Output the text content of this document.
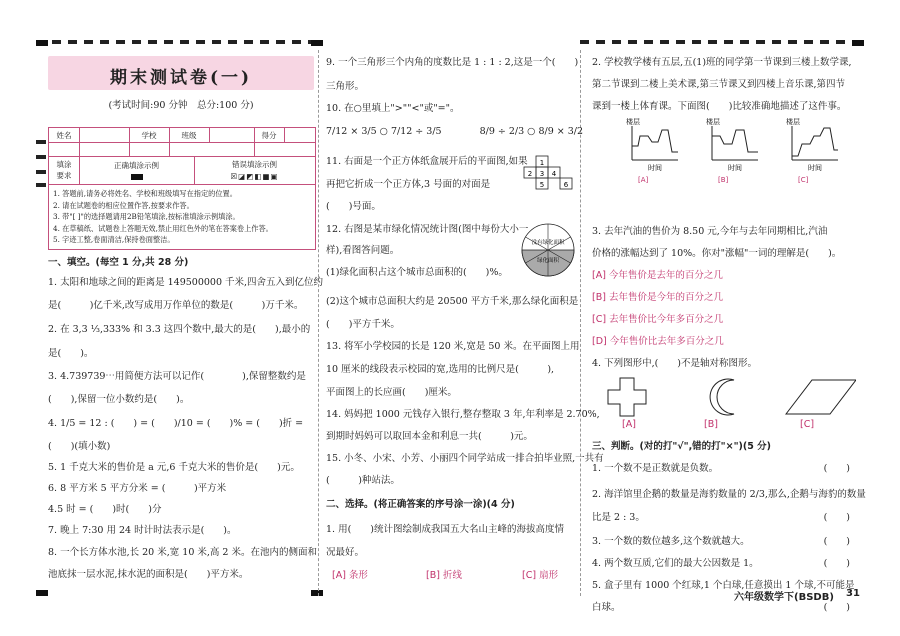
期末测试卷(一)
(考试时间:90 分钟　总分:100 分)
姓名	学校	班级	得分
填涂
要求
正确填涂示例	错误填涂示例
☒◪◩◧■▣
1. 答题前,请务必将姓名、学校和班级填写在指定的位置。
2. 请在试题卷的相应位置作答,按要求作答。
3. 带"[ ]"的选择题请用2B铅笔填涂,按标准填涂示例填涂。
4. 在草稿纸、试题卷上答题无效,禁止用红色外的笔在答案卷上作答。
5. 字迹工整,卷面清洁,保持卷面整洁。
一、填空。(每空 1 分,共 28 分)
1. 太阳和地球之间的距离是 149500000 千米,四舍五入到亿位约
是(　　　)亿千米,改写成用万作单位的数是(　　　)万千米。
2. 在 3,3 ⅓,333% 和 3.3 这四个数中,最大的是(　　),最小的
是(　　)。
3. 4.739739⋯用简便方法可以记作(　　　　),保留整数约是
(　　),保留一位小数约是(　　)。
4. 1/5 = 12 : (　　) = (　　)/10 = (　　)% = (　　)折 =
(　　)(填小数)
5. 1 千克大米的售价是 a 元,6 千克大米的售价是(　　)元。
6. 8 平方米 5 平方分米 = (　　　)平方米
4.5 时 = (　　)时(　　)分
7. 晚上 7:30 用 24 时计时法表示是(　　)。
8. 一个长方体水池,长 20 米,宽 10 米,高 2 米。在池内的侧面和
池底抹一层水泥,抹水泥的面积是(　　)平方米。
9. 一个三角形三个内角的度数比是 1 : 1 : 2,这是一个(　　)
三角形。
10. 在○里填上">""<"或"="。
7/12 × 3/5 ○ 7/12 ÷ 3/5　　　　8/9 ÷ 2/3 ○ 8/9 × 3/2
11. 右面是一个正方体纸盒展开后的平面图,如果
再把它折成一个正方体,3 号面的对面是
(　　)号面。
12. 右图是某市绿化情况统计图(图中每份大小一
样),看图答问题。
(1)绿化面积占这个城市总面积的(　　)%。
(2)这个城市总面积大约是 20500 平方千米,那么绿化面积是
(　　)平方千米。
13. 将军小学校园的长是 120 米,宽是 50 米。在平面图上用
10 厘米的线段表示校园的宽,选用的比例尺是(　　　),
平面图上的长应画(　　)厘米。
14. 妈妈把 1000 元钱存入银行,整存整取 3 年,年利率是 2.70%,
到期时妈妈可以取回本金和利息一共(　　　)元。
15. 小冬、小宋、小芳、小丽四个同学站成一排合拍毕业照,一共有
(　　　)种站法。
二、选择。(将正确答案的序号涂一涂)(4 分)
1. 用(　　)统计图绘制成我国五大名山主峰的海拔高度情
况最好。
[A] 条形	[B] 折线	[C] 扇形
1
2 3 4
5	6
没有绿化面积
绿化面积
2. 学校教学楼有五层,五(1)班的同学第一节课到三楼上数学课,
第二节课到二楼上美术课,第三节课又到四楼上音乐课,第四节
课到一楼上体育课。下面图(　　)比较准确地描述了这件事。
3. 去年汽油的售价为 8.50 元,今年与去年同期相比,汽油
价格的涨幅达到了 10%。你对"涨幅"一词的理解是(　　)。
[A] 今年售价是去年的百分之几
[B] 去年售价是今年的百分之几
[C] 去年售价比今年多百分之几
[D] 今年售价比去年多百分之几
4. 下列图形中,(　　)不是轴对称图形。
[A]	[B]	[C]
三、判断。(对的打"√",错的打"×")(5 分)
1. 一个数不是正数就是负数。	(　　)
2. 海洋馆里企鹅的数量是海豹数量的 2/3,那么,企鹅与海豹的数量
比是 2 : 3。	(　　)
3. 一个数的数位越多,这个数就越大。	(　　)
4. 两个数互质,它们的最大公因数是 1。	(　　)
5. 盒子里有 1000 个红球,1 个白球,任意摸出 1 个球,不可能是
白球。	(　　)
楼层
时间
[A]
楼层
时间
[B]
楼层
时间
[C]
六年级数学下(BSDB) 31
